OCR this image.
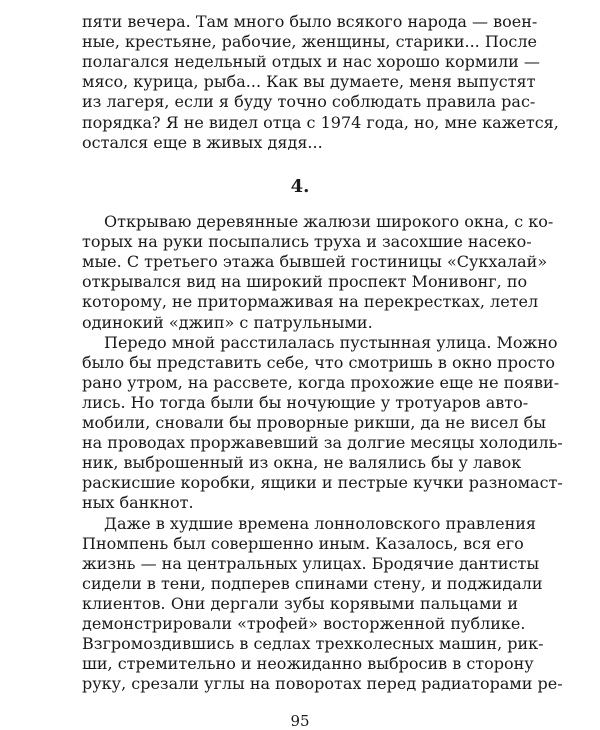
пяти вечера. Там много было всякого народа — воен-
ные, крестьяне, рабочие, женщины, старики... После
полагался недельный отдых и нас хорошо кормили —
мясо, курица, рыба... Как вы думаете, меня выпустят
из лагеря, если я буду точно соблюдать правила рас-
порядка? Я не видел отца с 1974 года, но, мне кажется,
остался еще в живых дядя...
4.
Открываю деревянные жалюзи широкого окна, с ко-
торых на руки посыпались труха и засохшие насеко-
мые. С третьего этажа бывшей гостиницы «Сукхалай»
открывался вид на широкий проспект Монивонг, по
которому, не притормаживая на перекрестках, летел
одинокий «джип» с патрульными.
Передо мной расстилалась пустынная улица. Можно
было бы представить себе, что смотришь в окно просто
рано утром, на рассвете, когда прохожие еще не появи-
лись. Но тогда были бы ночующие у тротуаров авто-
мобили, сновали бы проворные рикши, да не висел бы
на проводах проржавевший за долгие месяцы холодиль-
ник, выброшенный из окна, не валялись бы у лавок
раскисшие коробки, ящики и пестрые кучки разномаст-
ных банкнот.
Даже в худшие времена лонноловского правления
Пномпень был совершенно иным. Казалось, вся его
жизнь — на центральных улицах. Бродячие дантисты
сидели в тени, подперев спинами стену, и поджидали
клиентов. Они дергали зубы корявыми пальцами и
демонстрировали «трофей» восторженной публике.
Взгромоздившись в седлах трехколесных машин, рик-
ши, стремительно и неожиданно выбросив в сторону
руку, срезали углы на поворотах перед радиаторами ре-
95
